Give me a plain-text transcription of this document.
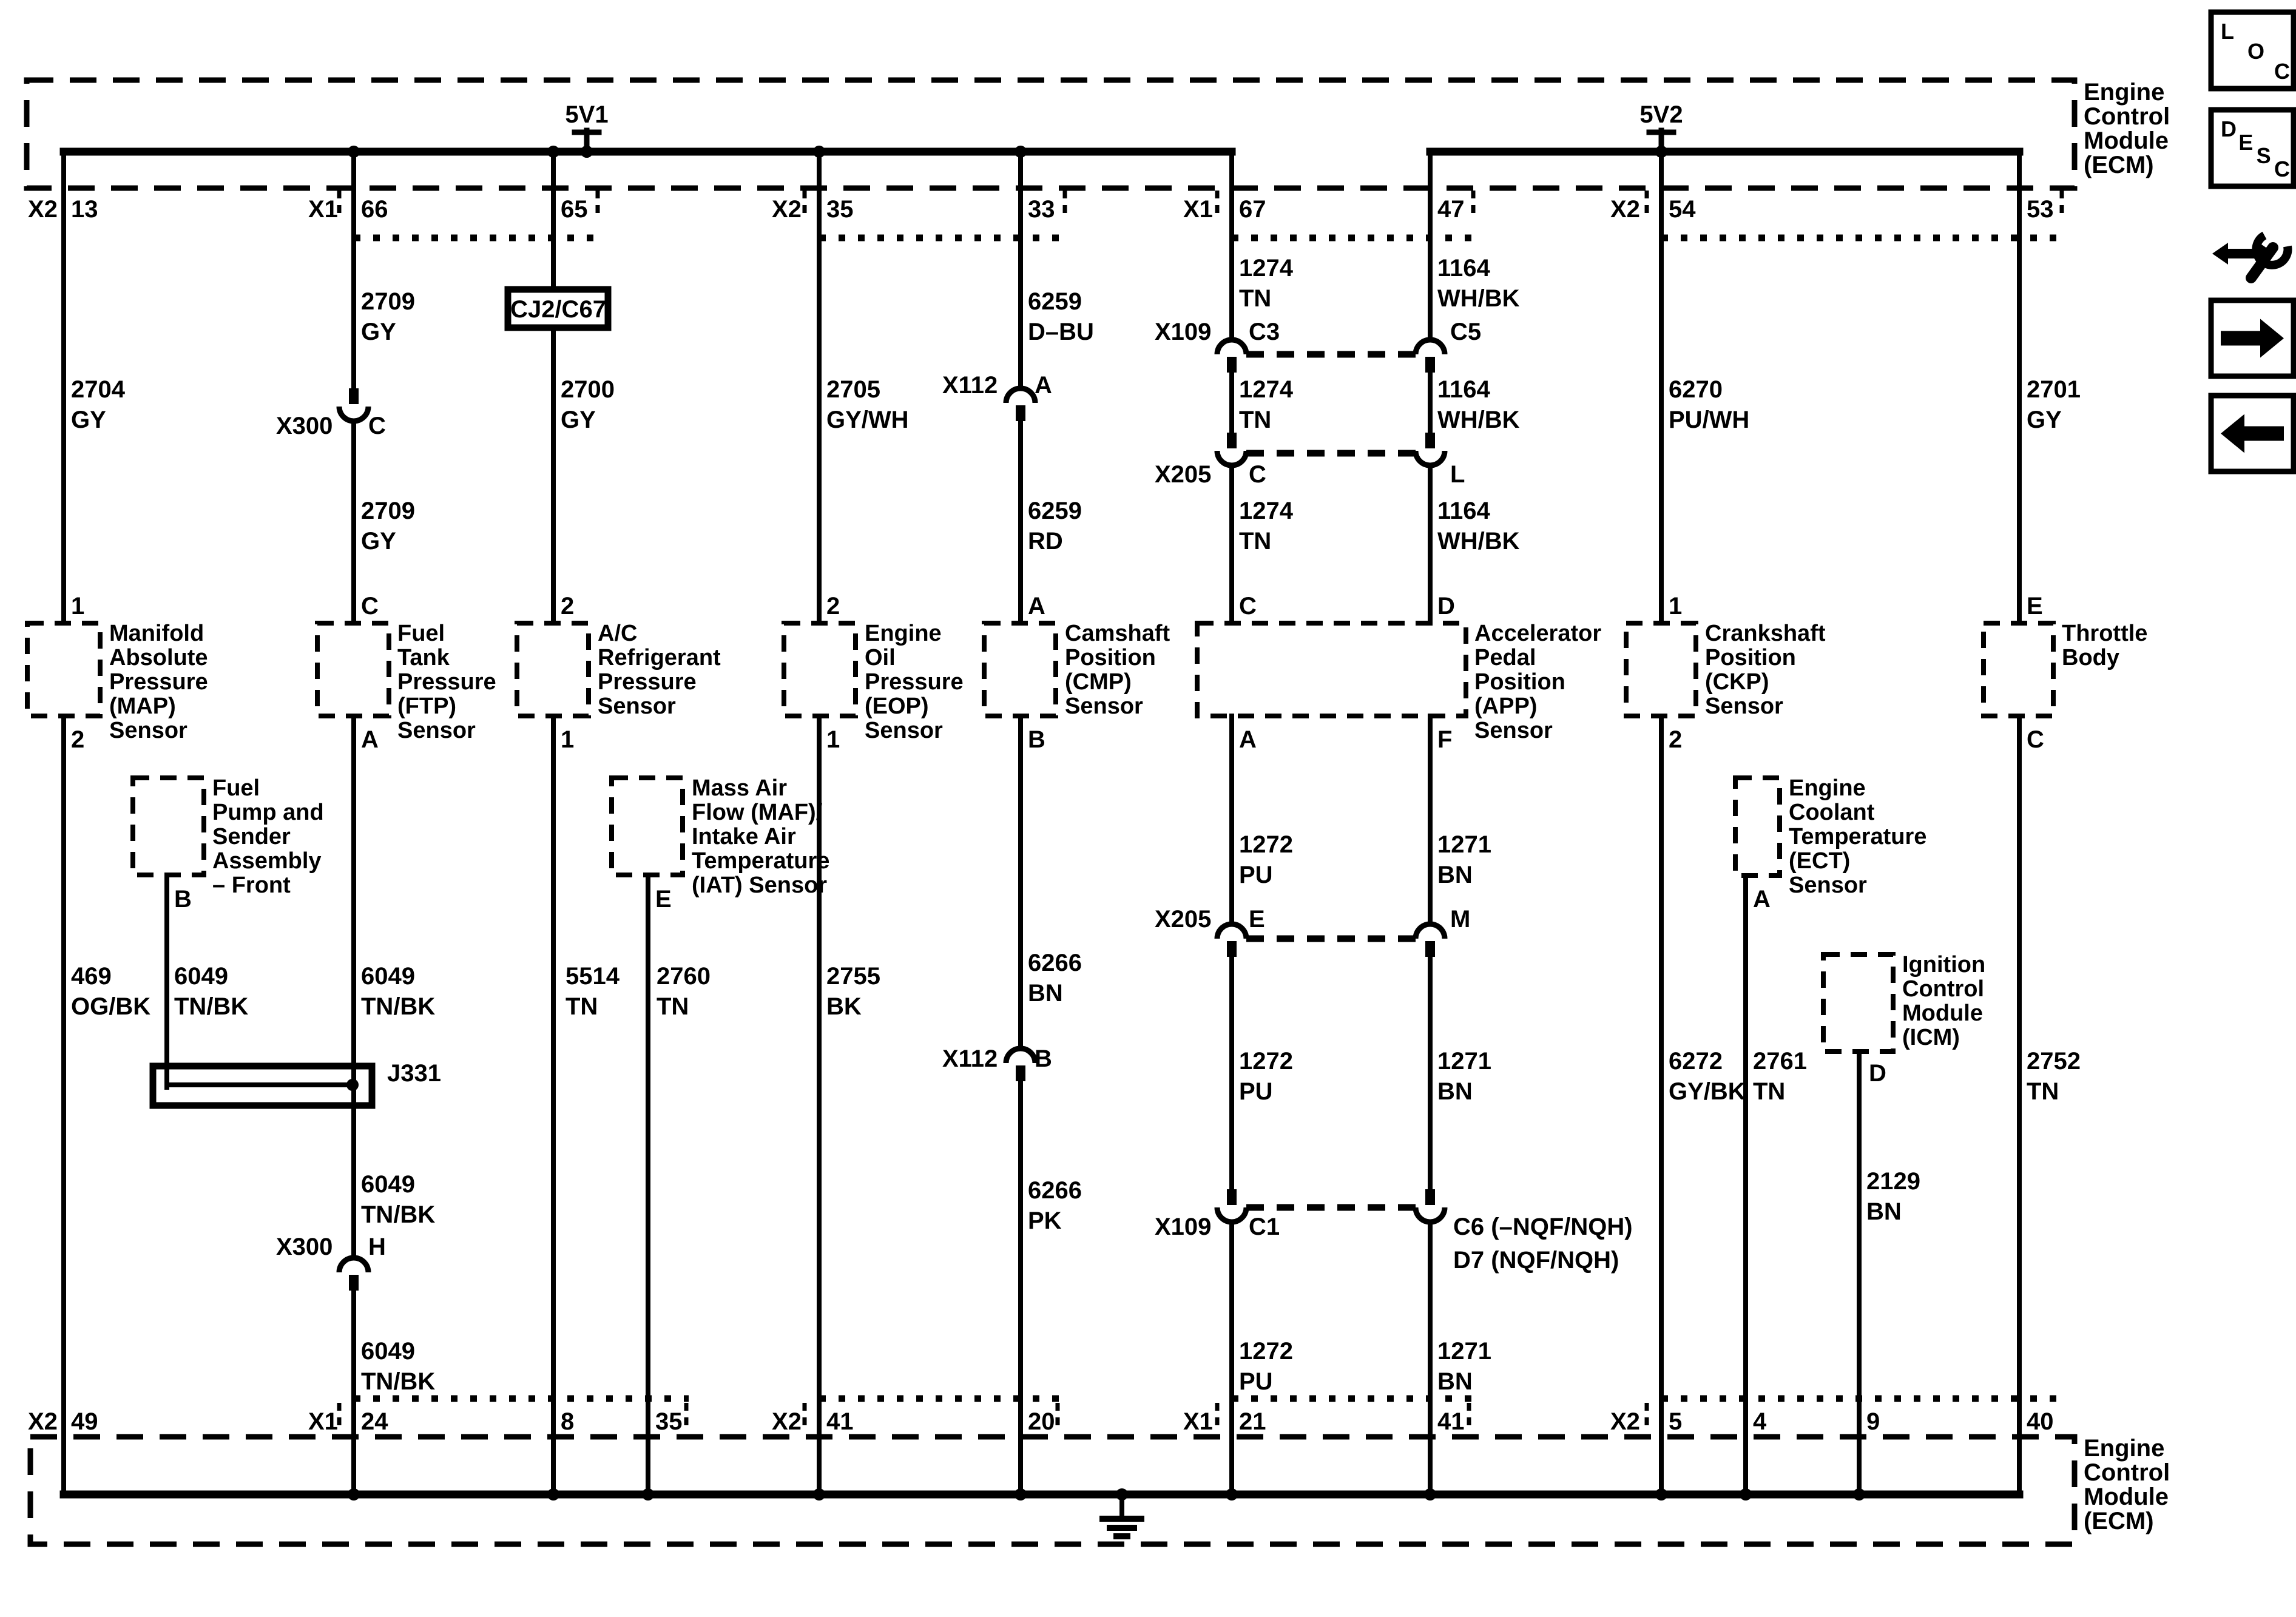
Engine
Control
Module
(ECM)
Engine
Control
Module
(ECM)
5V1	5V2
Manifold
Absolute
Pressure
(MAP)
Sensor
Fuel
Tank
Pressure
(FTP)
Sensor
A/C
Refrigerant
Pressure
Sensor
Engine
Oil
Pressure
(EOP)
Sensor
Camshaft
Position
(CMP)
Sensor
Accelerator
Pedal
Position
(APP)
Sensor
Crankshaft
Position
(CKP)
Sensor
Throttle
Body
Fuel
Pump and
Sender
Assembly
– Front
Mass Air
Flow (MAF)/
Intake Air
Temperature
(IAT) Sensor
Engine
Coolant
Temperature
(ECT)
Sensor
Ignition
Control
Module
(ICM)
CJ2/C67
J331
X300 C
X112 A
X109 C3	C5
X205 C	L
X205 E	M
X112 B
X109 C1	C6 (–NQF/NQH)
D7 (NQF/NQH)
X300 H
X2 13	X1 66	65	X2 35	33	X1 67	47	X2 54	53
X2 49	X1 24	8	35	X2 41	20	X1 21	41	X2 5	4	9	40
2704
GY
2709
GY
2709
GY
2700
GY
2705
GY/WH
6259
D–BU
6259
RD
1274
TN
1274
TN
1274
TN
1164
WH/BK
1164
WH/BK
1164
WH/BK
6270
PU/WH
2701
GY
469
OG/BK
6049
TN/BK
6049
TN/BK
5514
TN
2760
TN
2755
BK
6266
BN
6266
PK
1272
PU
1271
BN
1272
PU
1271
BN
1272
PU
1271
BN
6049
TN/BK
6049
TN/BK
6272
GY/BK
2761
TN
2129
BN
2752
TN
1
2
C
A
2
1
2
1
A
B
C	D
A	F
1
2
E
C
B	E	A
D
L
O
C
D
E
S
C
